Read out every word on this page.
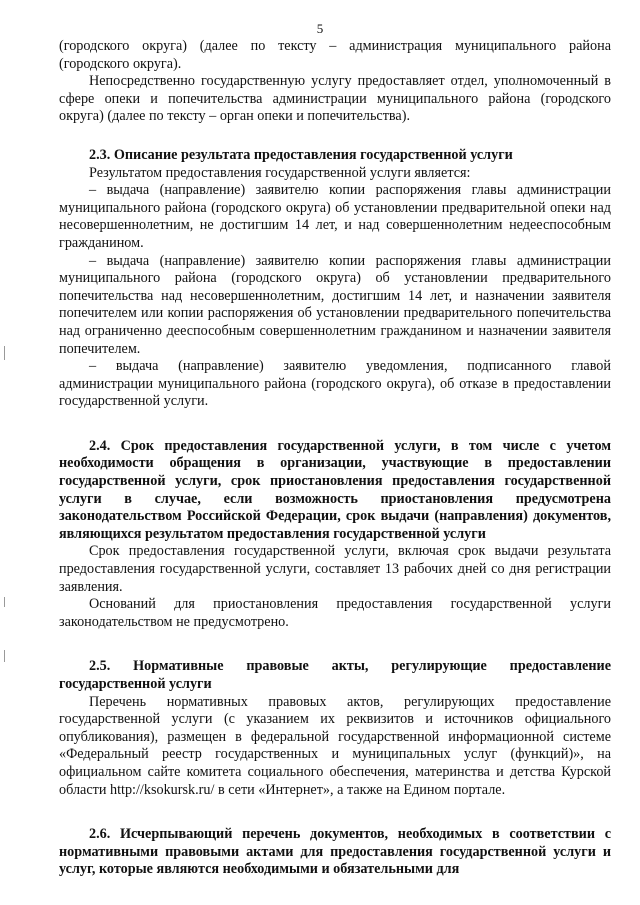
5

(городского округа) (далее по тексту – администрация муниципального района (городского округа).

Непосредственно государственную услугу предоставляет отдел, уполномоченный в сфере опеки и попечительства администрации муниципального района (городского округа) (далее по тексту – орган опеки и попечительства).

2.3. Описание результата предоставления государственной услуги

Результатом предоставления государственной услуги является:

– выдача (направление) заявителю копии распоряжения главы администрации муниципального района (городского округа) об установлении предварительной опеки над несовершеннолетним, не достигшим 14 лет, и над совершеннолетним недееспособным гражданином.

– выдача (направление) заявителю копии распоряжения главы администрации муниципального района (городского округа) об установлении предварительного попечительства над несовершеннолетним, достигшим 14 лет, и назначении заявителя попечителем или копии распоряжения об установлении предварительного попечительства над ограниченно дееспособным совершеннолетним гражданином и назначении заявителя попечителем.

– выдача (направление) заявителю уведомления, подписанного главой администрации муниципального района (городского округа), об отказе в предоставлении государственной услуги.

2.4. Срок предоставления государственной услуги, в том числе с учетом необходимости обращения в организации, участвующие в предоставлении государственной услуги, срок приостановления предоставления государственной услуги в случае, если возможность приостановления предусмотрена законодательством Российской Федерации, срок выдачи (направления) документов, являющихся результатом предоставления государственной услуги

Срок предоставления государственной услуги, включая срок выдачи результата предоставления государственной услуги, составляет 13 рабочих дней со дня регистрации заявления.

Оснований для приостановления предоставления государственной услуги законодательством не предусмотрено.

2.5. Нормативные правовые акты, регулирующие предоставление государственной услуги

Перечень нормативных правовых актов, регулирующих предоставление государственной услуги (с указанием их реквизитов и источников официального опубликования), размещен в федеральной государственной информационной системе «Федеральный реестр государственных и муниципальных услуг (функций)», на официальном сайте комитета социального обеспечения, материнства и детства Курской области http://ksokursk.ru/ в сети «Интернет», а также на Едином портале.

2.6. Исчерпывающий перечень документов, необходимых в соответствии с нормативными правовыми актами для предоставления государственной услуги и услуг, которые являются необходимыми и обязательными для
